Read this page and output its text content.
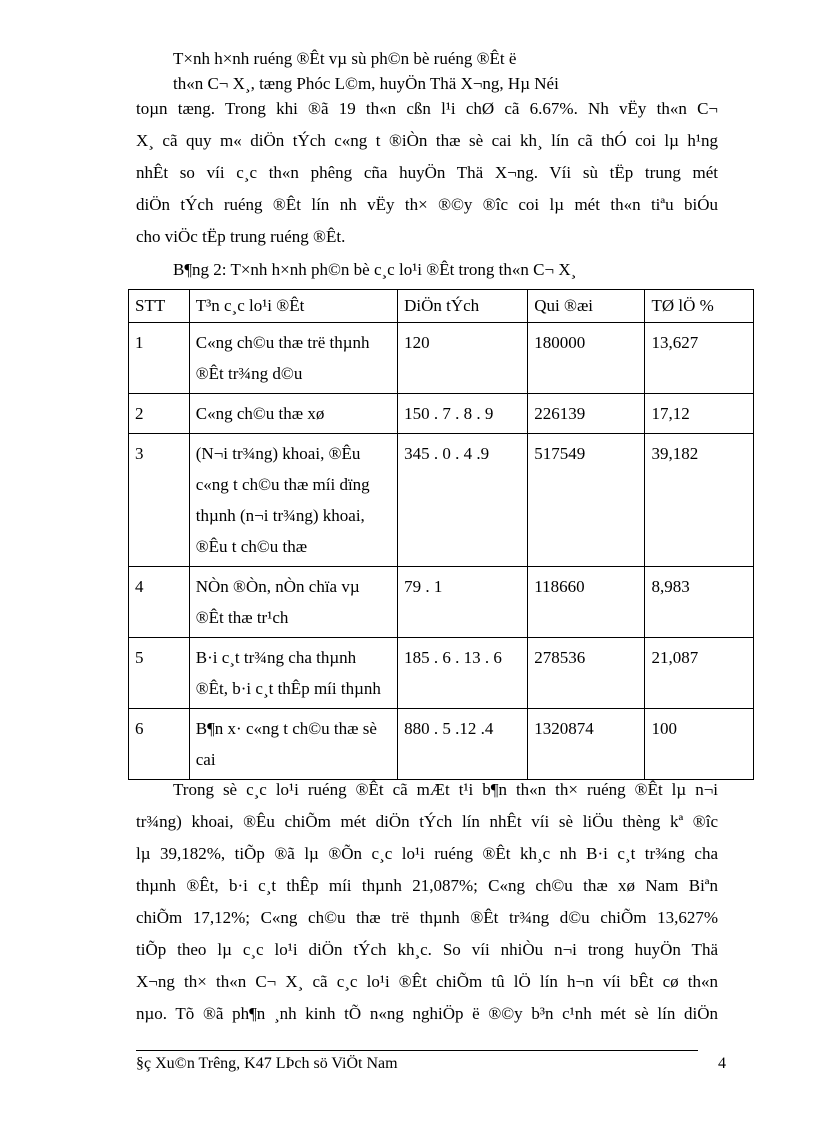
T×nh h×nh ruéng ®Êt vµ sù ph©n bè ruéng ®Êt ë
th«n C¬ X¸, tæng Phóc L©m, huyÖn Thä X¬ng, Hµ Néi
toµn tæng. Trong khi ®ã 19 th«n cßn l¹i chØ cã 6.67%. Nh vËy th«n C¬
X¸ cã quy m« diÖn tÝch c«ng t ®iÒn thæ sè cai kh¸ lín cã thÓ coi lµ h¹ng
nhÊt so víi c¸c th«n phêng cña huyÖn Thä X¬ng. Víi sù tËp trung mét
diÖn tÝch ruéng ®Êt lín nh vËy th× ®©y ®îc coi lµ mét th«n tiªu biÓu
cho viÖc tËp trung ruéng ®Êt.
B¶ng 2: T×nh h×nh ph©n bè c¸c lo¹i ®Êt trong th«n C¬ X¸
STT	T³n c¸c lo¹i ®Êt	DiÖn tÝch	Qui ®æi	TØ lÖ %
1	C«ng ch©u thæ trë thµnh ®Êt tr¾ng d©u	120	180000	13,627
2	C«ng ch©u thæ xø	150 . 7 . 8 . 9	226139	17,12
3	(N¬i tr¾ng) khoai, ®Êu c«ng t ch©u thæ míi dïng thµnh (n¬i tr¾ng) khoai, ®Êu t ch©u thæ	345 . 0 . 4 .9	517549	39,182
4	NÒn ®Òn, nÒn chïa vµ ®Êt thæ tr¹ch	79 . 1	118660	8,983
5	B·i c¸t tr¾ng cha thµnh ®Êt, b·i c¸t thÊp míi thµnh	185 . 6 . 13 . 6	278536	21,087
6	B¶n x· c«ng t ch©u thæ sè cai	880 . 5 .12 .4	1320874	100
Trong sè c¸c lo¹i ruéng ®Êt cã mÆt t¹i b¶n th«n th× ruéng ®Êt lµ n¬i
tr¾ng) khoai, ®Êu chiÕm mét diÖn tÝch lín nhÊt víi sè liÖu thèng kª ®îc
lµ 39,182%, tiÕp ®ã lµ ®Õn c¸c lo¹i ruéng ®Êt kh¸c nh B·i c¸t tr¾ng cha
thµnh ®Êt, b·i c¸t thÊp míi thµnh 21,087%; C«ng ch©u thæ xø Nam Biªn
chiÕm 17,12%; C«ng ch©u thæ trë thµnh ®Êt tr¾ng d©u chiÕm 13,627%
tiÕp theo lµ c¸c lo¹i diÖn tÝch kh¸c. So víi nhiÒu n¬i trong huyÖn Thä
X¬ng th× th«n C¬ X¸ cã c¸c lo¹i ®Êt chiÕm tû lÖ lín h¬n víi bÊt cø th«n
nµo. Tõ ®ã ph¶n ¸nh kinh tÕ n«ng nghiÖp ë ®©y b³n c¹nh mét sè lín diÖn
§ç Xu©n Trêng, K47 LÞch sö ViÖt Nam	4
